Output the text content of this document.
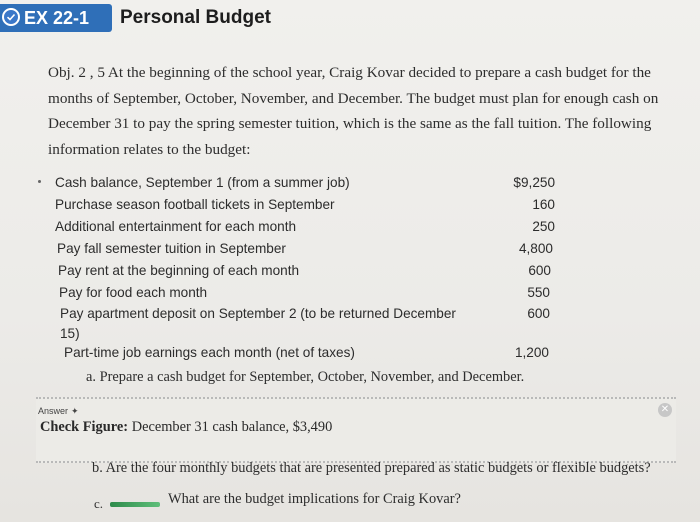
EX 22-1 Personal Budget
Obj. 2 , 5 At the beginning of the school year, Craig Kovar decided to prepare a cash budget for the months of September, October, November, and December. The budget must plan for enough cash on December 31 to pay the spring semester tuition, which is the same as the fall tuition. The following information relates to the budget:
Cash balance, September 1 (from a summer job)	$9,250
Purchase season football tickets in September	160
Additional entertainment for each month	250
Pay fall semester tuition in September	4,800
Pay rent at the beginning of each month	600
Pay for food each month	550
Pay apartment deposit on September 2 (to be returned December	600
15)
Part-time job earnings each month (net of taxes)	1,200
a. Prepare a cash budget for September, October, November, and December.
Answer ✦
Check Figure: December 31 cash balance, $3,490
✕
b. Are the four monthly budgets that are presented prepared as static budgets or flexible budgets?
c.	What are the budget implications for Craig Kovar?
